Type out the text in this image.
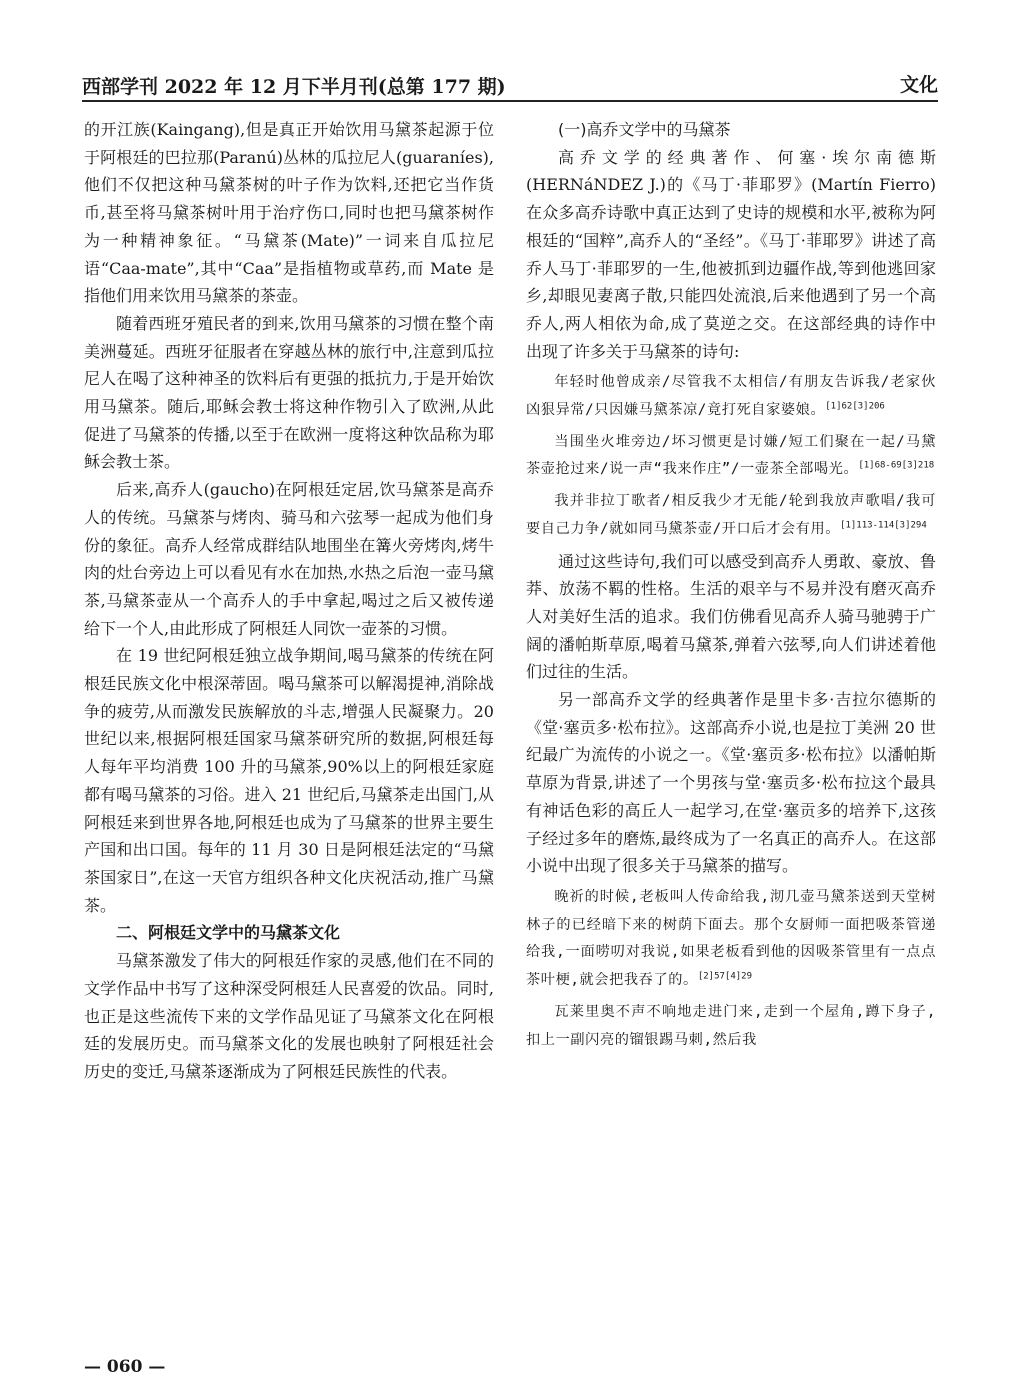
西部学刊 2022 年 12 月下半月刊(总第 177 期)	文化

的开江族(Kaingang),但是真正开始饮用马黛茶起源于位于阿根廷的巴拉那(Paranú)丛林的瓜拉尼人(guaraníes),他们不仅把这种马黛茶树的叶子作为饮料,还把它当作货币,甚至将马黛茶树叶用于治疗伤口,同时也把马黛茶树作为一种精神象征。“马黛茶(Mate)”一词来自瓜拉尼语“Caa-mate”,其中“Caa”是指植物或草药,而 Mate 是指他们用来饮用马黛茶的茶壶。

随着西班牙殖民者的到来,饮用马黛茶的习惯在整个南美洲蔓延。西班牙征服者在穿越丛林的旅行中,注意到瓜拉尼人在喝了这种神圣的饮料后有更强的抵抗力,于是开始饮用马黛茶。随后,耶稣会教士将这种作物引入了欧洲,从此促进了马黛茶的传播,以至于在欧洲一度将这种饮品称为耶稣会教士茶。

后来,高乔人(gaucho)在阿根廷定居,饮马黛茶是高乔人的传统。马黛茶与烤肉、骑马和六弦琴一起成为他们身份的象征。高乔人经常成群结队地围坐在篝火旁烤肉,烤牛肉的灶台旁边上可以看见有水在加热,水热之后泡一壶马黛茶,马黛茶壶从一个高乔人的手中拿起,喝过之后又被传递给下一个人,由此形成了阿根廷人同饮一壶茶的习惯。

在 19 世纪阿根廷独立战争期间,喝马黛茶的传统在阿根廷民族文化中根深蒂固。喝马黛茶可以解渴提神,消除战争的疲劳,从而激发民族解放的斗志,增强人民凝聚力。20 世纪以来,根据阿根廷国家马黛茶研究所的数据,阿根廷每人每年平均消费 100 升的马黛茶,90%以上的阿根廷家庭都有喝马黛茶的习俗。进入 21 世纪后,马黛茶走出国门,从阿根廷来到世界各地,阿根廷也成为了马黛茶的世界主要生产国和出口国。每年的 11 月 30 日是阿根廷法定的“马黛茶国家日”,在这一天官方组织各种文化庆祝活动,推广马黛茶。

二、阿根廷文学中的马黛茶文化

马黛茶激发了伟大的阿根廷作家的灵感,他们在不同的文学作品中书写了这种深受阿根廷人民喜爱的饮品。同时,也正是这些流传下来的文学作品见证了马黛茶文化在阿根廷的发展历史。而马黛茶文化的发展也映射了阿根廷社会历史的变迁,马黛茶逐渐成为了阿根廷民族性的代表。

(一)高乔文学中的马黛茶

高乔文学的经典著作、何塞·埃尔南德斯(HERNáNDEZ J.)的《马丁·菲耶罗》(Martín Fierro)在众多高乔诗歌中真正达到了史诗的规模和水平,被称为阿根廷的“国粹”,高乔人的“圣经”。《马丁·菲耶罗》讲述了高乔人马丁·菲耶罗的一生,他被抓到边疆作战,等到他逃回家乡,却眼见妻离子散,只能四处流浪,后来他遇到了另一个高乔人,两人相依为命,成了莫逆之交。在这部经典的诗作中出现了许多关于马黛茶的诗句:

年轻时他曾成亲/尽管我不太相信/有朋友告诉我/老家伙凶狠异常/只因嫌马黛茶凉/竟打死自家婆娘。$^{[1]62[3]206}$

当围坐火堆旁边/坏习惯更是讨嫌/短工们聚在一起/马黛茶壶抢过来/说一声“我来作庄”/一壶茶全部喝光。$^{[1]68-69[3]218}$

我并非拉丁歌者/相反我少才无能/轮到我放声歌唱/我可要自己力争/就如同马黛茶壶/开口后才会有用。$^{[1]113-114[3]294}$

通过这些诗句,我们可以感受到高乔人勇敢、豪放、鲁莽、放荡不羁的性格。生活的艰辛与不易并没有磨灭高乔人对美好生活的追求。我们仿佛看见高乔人骑马驰骋于广阔的潘帕斯草原,喝着马黛茶,弹着六弦琴,向人们讲述着他们过往的生活。

另一部高乔文学的经典著作是里卡多·吉拉尔德斯的《堂·塞贡多·松布拉》。这部高乔小说,也是拉丁美洲 20 世纪最广为流传的小说之一。《堂·塞贡多·松布拉》以潘帕斯草原为背景,讲述了一个男孩与堂·塞贡多·松布拉这个最具有神话色彩的高丘人一起学习,在堂·塞贡多的培养下,这孩子经过多年的磨炼,最终成为了一名真正的高乔人。在这部小说中出现了很多关于马黛茶的描写。

晚祈的时候,老板叫人传命给我,沏几壶马黛茶送到天堂树林子的已经暗下来的树荫下面去。那个女厨师一面把吸茶管递给我,一面唠叨对我说,如果老板看到他的因吸茶管里有一点点茶叶梗,就会把我吞了的。$^{[2]57[4]29}$

瓦莱里奥不声不响地走进门来,走到一个屋角,蹲下身子,扣上一副闪亮的镏银踢马刺,然后我

— 060 —
